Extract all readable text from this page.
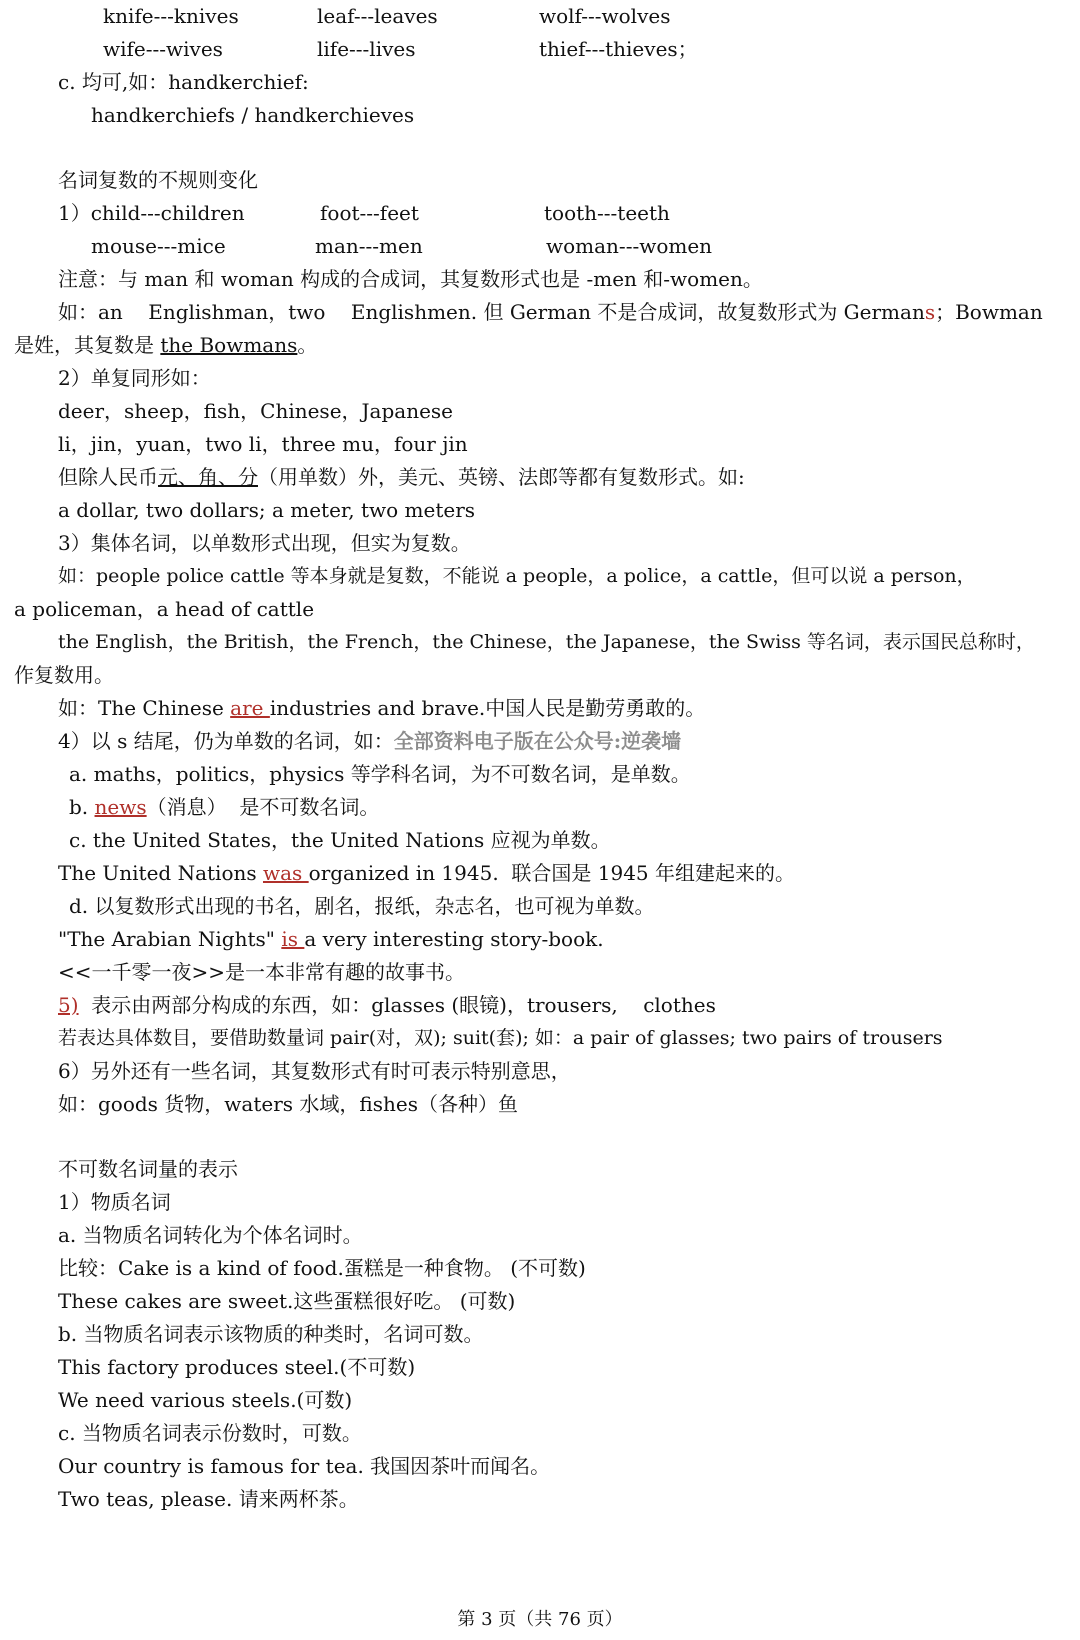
knife---knives	leaf---leaves	wolf---wolves
wife---wives	life---lives	thief---thieves；
c. 均可,如：handkerchief:
handkerchiefs / handkerchieves
名词复数的不规则变化
1）child---children	foot---feet	tooth---teeth
mouse---mice	man---men	woman---women
注意：与 man 和 woman 构成的合成词，其复数形式也是 -men 和-women。
如：an    Englishman，two    Englishmen. 但 German 不是合成词，故复数形式为 Germans；Bowman
是姓，其复数是 the Bowmans。
2）单复同形如：
deer，sheep，fish，Chinese，Japanese
li，jin，yuan，two li，three mu，four jin
但除人民币元、角、分（用单数）外，美元、英镑、法郎等都有复数形式。如:
a dollar, two dollars; a meter, two meters
3）集体名词，以单数形式出现，但实为复数。
如：people police cattle 等本身就是复数，不能说 a people，a police，a cattle，但可以说 a person，
a policeman，a head of cattle
the English，the British，the French，the Chinese，the Japanese，the Swiss 等名词，表示国民总称时，
作复数用。
如：The Chinese are industries and brave.中国人民是勤劳勇敢的。
4）以 s 结尾，仍为单数的名词，如：全部资料电子版在公众号:逆袭墙
a. maths，politics，physics 等学科名词，为不可数名词，是单数。
b. news（消息）  是不可数名词。
c. the United States，the United Nations 应视为单数。
The United Nations was organized in 1945.  联合国是 1945 年组建起来的。
d. 以复数形式出现的书名，剧名，报纸，杂志名，也可视为单数。
"The Arabian Nights" is a very interesting story-book.
<<一千零一夜>>是一本非常有趣的故事书。
5)  表示由两部分构成的东西，如：glasses (眼镜)，trousers,    clothes
若表达具体数目，要借助数量词 pair(对，双); suit(套); 如：a pair of glasses; two pairs of trousers
6）另外还有一些名词，其复数形式有时可表示特别意思，
如：goods 货物，waters 水域，fishes（各种）鱼
不可数名词量的表示
1）物质名词
a. 当物质名词转化为个体名词时。
比较：Cake is a kind of food.蛋糕是一种食物。 (不可数)
These cakes are sweet.这些蛋糕很好吃。 (可数)
b. 当物质名词表示该物质的种类时，名词可数。
This factory produces steel.(不可数)
We need various steels.(可数)
c. 当物质名词表示份数时，可数。
Our country is famous for tea. 我国因茶叶而闻名。
Two teas, please. 请来两杯茶。
第 3 页（共 76 页）
